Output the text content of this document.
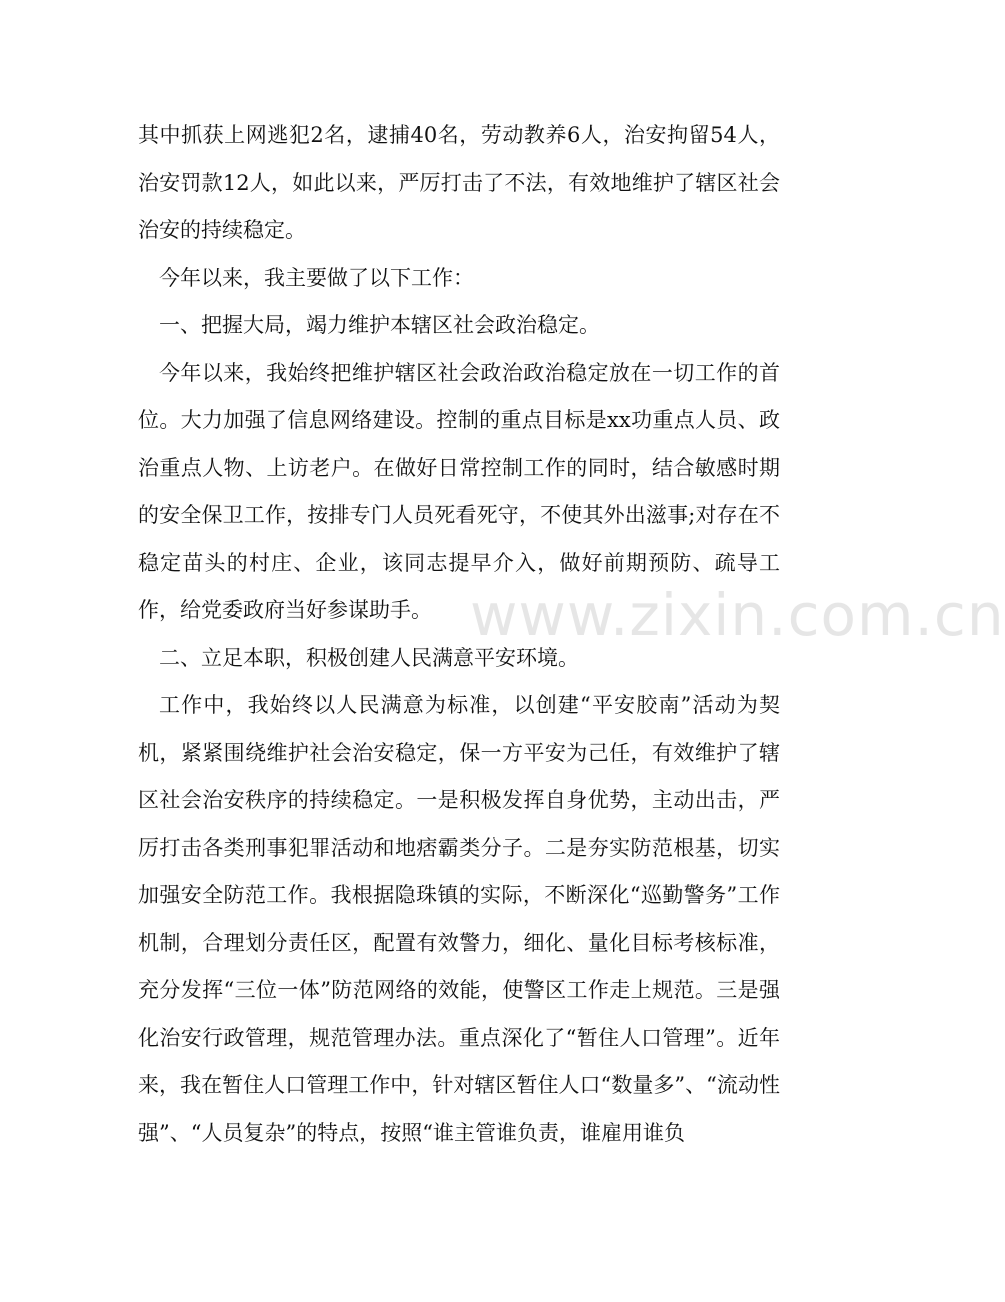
其中抓获上网逃犯2名，逮捕40名，劳动教养6人，治安拘留54人，治安罚款12人，如此以来，严厉打击了不法，有效地维护了辖区社会治安的持续稳定。

今年以来，我主要做了以下工作：

一、把握大局，竭力维护本辖区社会政治稳定。

今年以来，我始终把维护辖区社会政治政治稳定放在一切工作的首位。大力加强了信息网络建设。控制的重点目标是xx功重点人员、政治重点人物、上访老户。在做好日常控制工作的同时，结合敏感时期的安全保卫工作，按排专门人员死看死守，不使其外出滋事;对存在不稳定苗头的村庄、企业，该同志提早介入，做好前期预防、疏导工作，给党委政府当好参谋助手。

二、立足本职，积极创建人民满意平安环境。

工作中，我始终以人民满意为标准，以创建“平安胶南”活动为契机，紧紧围绕维护社会治安稳定，保一方平安为己任，有效维护了辖区社会治安秩序的持续稳定。一是积极发挥自身优势，主动出击，严厉打击各类刑事犯罪活动和地痞霸类分子。二是夯实防范根基，切实加强安全防范工作。我根据隐珠镇的实际，不断深化“巡勤警务”工作机制，合理划分责任区，配置有效警力，细化、量化目标考核标准，充分发挥“三位一体”防范网络的效能，使警区工作走上规范。三是强化治安行政管理，规范管理办法。重点深化了“暂住人口管理”。近年来，我在暂住人口管理工作中，针对辖区暂住人口“数量多”、“流动性强”、“人员复杂”的特点，按照“谁主管谁负责，谁雇用谁负

www.zixin.com.cn
